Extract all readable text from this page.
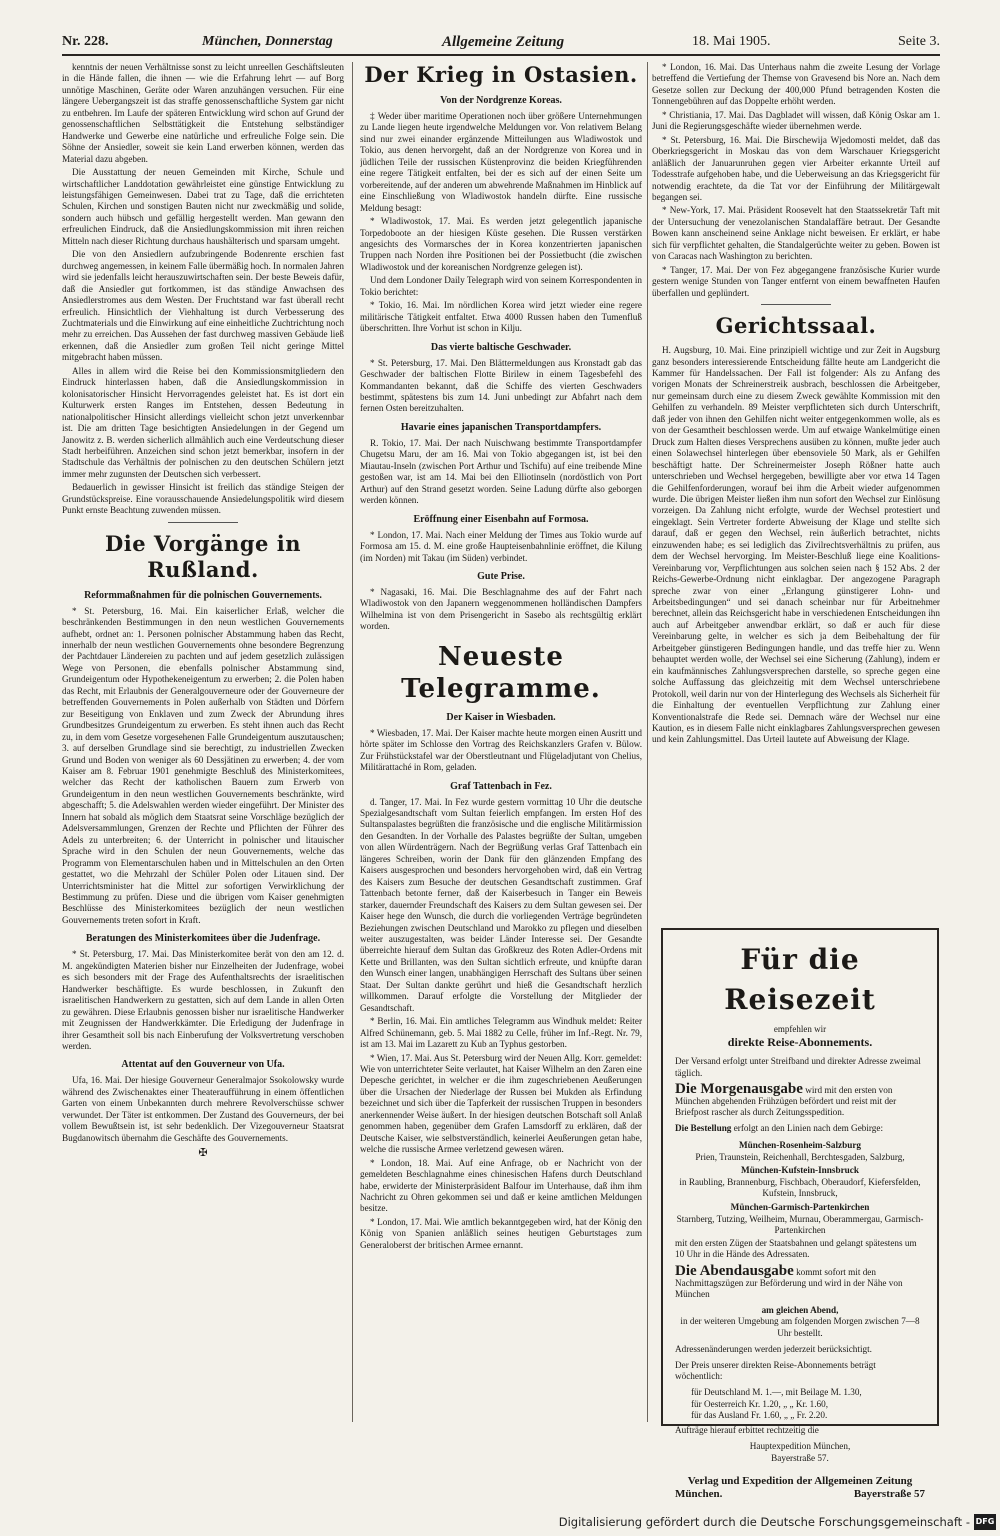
Nr. 228.	München, Donnerstag	Allgemeine Zeitung	18. Mai 1905.	Seite 3.

kenntnis der neuen Verhältnisse sonst zu leicht unreellen Geschäftsleuten in die Hände fallen, die ihnen — wie die Erfahrung lehrt — auf Borg unnötige Maschinen, Geräte oder Waren anzuhängen versuchen. Für eine längere Uebergangszeit ist das straffe genossenschaftliche System gar nicht zu entbehren. Im Laufe der späteren Entwicklung wird schon auf Grund der genossenschaftlichen Selbsttätigkeit die Entstehung selbständiger Handwerke und Gewerbe eine natürliche und erfreuliche Folge sein. Die Söhne der Ansiedler, soweit sie kein Land erwerben können, werden das Material dazu abgeben.

Die Ausstattung der neuen Gemeinden mit Kirche, Schule und wirtschaftlicher Landdotation gewährleistet eine günstige Entwicklung zu leistungsfähigen Gemeinwesen. Dabei trat zu Tage, daß die errichteten Schulen, Kirchen und sonstigen Bauten nicht nur zweckmäßig und solide, sondern auch hübsch und gefällig hergestellt werden. Man gewann den erfreulichen Eindruck, daß die Ansiedlungskommission mit ihren reichen Mitteln nach dieser Richtung durchaus haushälterisch und sparsam umgeht.

Die von den Ansiedlern aufzubringende Bodenrente erschien fast durchweg angemessen, in keinem Falle übermäßig hoch. In normalen Jahren wird sie jedenfalls leicht herauszuwirtschaften sein. Der beste Beweis dafür, daß die Ansiedler gut fortkommen, ist das ständige Anwachsen des Ansiedlerstromes aus dem Westen. Der Fruchtstand war fast überall recht erfreulich. Hinsichtlich der Viehhaltung ist durch Verbesserung des Zuchtmaterials und die Einwirkung auf eine einheitliche Zuchtrichtung noch mehr zu erreichen. Das Aussehen der fast durchweg massiven Gebäude ließ erkennen, daß die Ansiedler zum großen Teil nicht geringe Mittel mitgebracht haben müssen.

Alles in allem wird die Reise bei den Kommissionsmitgliedern den Eindruck hinterlassen haben, daß die Ansiedlungskommission in kolonisatorischer Hinsicht Hervorragendes geleistet hat. Es ist dort ein Kulturwerk ersten Ranges im Entstehen, dessen Bedeutung in nationalpolitischer Hinsicht allerdings vielleicht schon jetzt unverkennbar ist. Die am dritten Tage besichtigten Ansiedelungen in der Gegend um Janowitz z. B. werden sicherlich allmählich auch eine Verdeutschung dieser Stadt herbeiführen. Anzeichen sind schon jetzt bemerkbar, insofern in der Stadtschule das Verhältnis der polnischen zu den deutschen Schülern jetzt immer mehr zugunsten der Deutschen sich verbessert.

Bedauerlich in gewisser Hinsicht ist freilich das ständige Steigen der Grundstückspreise. Eine vorausschauende Ansiedelungspolitik wird diesem Punkt ernste Beachtung zuwenden müssen.

Die Vorgänge in Rußland.
Reformmaßnahmen für die polnischen Gouvernements.

* St. Petersburg, 16. Mai. Ein kaiserlicher Erlaß, welcher die beschränkenden Bestimmungen in den neun westlichen Gouvernements aufhebt, ordnet an: 1. Personen polnischer Abstammung haben das Recht, innerhalb der neun westlichen Gouvernements ohne besondere Begrenzung der Pachtdauer Ländereien zu pachten und auf jedem gesetzlich zulässigen Wege von Personen, die ebenfalls polnischer Abstammung sind, Grundeigentum oder Hypothekeneigentum zu erwerben; 2. die Polen haben das Recht, mit Erlaubnis der Generalgouverneure oder der Gouverneure der betreffenden Gouvernements in Polen außerhalb von Städten und Dörfern zur Beseitigung von Enklaven und zum Zweck der Abrundung ihres Grundbesitzes Grundeigentum zu erwerben. Es steht ihnen auch das Recht zu, in dem vom Gesetze vorgesehenen Falle Grundeigentum auszutauschen; 3. auf derselben Grundlage sind sie berechtigt, zu industriellen Zwecken Grund und Boden von weniger als 60 Dessjätinen zu erwerben; 4. der vom Kaiser am 8. Februar 1901 genehmigte Beschluß des Ministerkomitees, welcher das Recht der katholischen Bauern zum Erwerb von Grundeigentum in den neun westlichen Gouvernements beschränkte, wird abgeschafft; 5. die Adelswahlen werden wieder eingeführt. Der Minister des Innern hat sobald als möglich dem Staatsrat seine Vorschläge bezüglich der Adelsversammlungen, Grenzen der Rechte und Pflichten der Führer des Adels zu unterbreiten; 6. der Unterricht in polnischer und litauischer Sprache wird in den Schulen der neun Gouvernements, welche das Programm von Elementarschulen haben und in Mittelschulen an den Orten gestattet, wo die Mehrzahl der Schüler Polen oder Litauen sind. Der Unterrichtsminister hat die Mittel zur sofortigen Verwirklichung der Bestimmung zu prüfen. Diese und die übrigen vom Kaiser genehmigten Beschlüsse des Ministerkomitees bezüglich der neun westlichen Gouvernements treten sofort in Kraft.

Beratungen des Ministerkomitees über die Judenfrage.

* St. Petersburg, 17. Mai. Das Ministerkomitee berät von den am 12. d. M. angekündigten Materien bisher nur Einzelheiten der Judenfrage, wobei es sich besonders mit der Frage des Aufenthaltsrechts der israelitischen Handwerker beschäftigte. Es wurde beschlossen, in Zukunft den israelitischen Handwerkern zu gestatten, sich auf dem Lande in allen Orten zu gewähren. Diese Erlaubnis genossen bisher nur israelitische Handwerker mit Zeugnissen der Handwerkkämter. Die Erledigung der Judenfrage in ihrer Gesamtheit soll bis nach Einberufung der Volksvertretung verschoben werden.

Attentat auf den Gouverneur von Ufa.

Ufa, 16. Mai. Der hiesige Gouverneur Generalmajor Ssokolowsky wurde während des Zwischenaktes einer Theateraufführung in einem öffentlichen Garten von einem Unbekannten durch mehrere Revolverschüsse schwer verwundet. Der Täter ist entkommen. Der Zustand des Gouverneurs, der bei vollem Bewußtsein ist, ist sehr bedenklich. Der Vizegouverneur Staatsrat Bugdanowitsch übernahm die Geschäfte des Gouvernements.

✠
Der Krieg in Ostasien.
Von der Nordgrenze Koreas.

‡ Weder über maritime Operationen noch über größere Unternehmungen zu Lande liegen heute irgendwelche Meldungen vor. Von relativem Belang sind nur zwei einander ergänzende Mitteilungen aus Wladiwostok und Tokio, aus denen hervorgeht, daß an der Nordgrenze von Korea und in jüdlichen Teile der russischen Küstenprovinz die beiden Kriegführenden eine regere Tätigkeit entfalten, bei der es sich auf der einen Seite um vorbereitende, auf der anderen um abwehrende Maßnahmen im Hinblick auf eine Einschließung von Wladiwostok handeln dürfte. Eine russische Meldung besagt:

* Wladiwostok, 17. Mai. Es werden jetzt gelegentlich japanische Torpedoboote an der hiesigen Küste gesehen. Die Russen verstärken angesichts des Vormarsches der in Korea konzentrierten japanischen Truppen nach Norden ihre Positionen bei der Possietbucht (die zwischen Wladiwostok und der koreanischen Nordgrenze gelegen ist).

Und dem Londoner Daily Telegraph wird von seinem Korrespondenten in Tokio berichtet:

* Tokio, 16. Mai. Im nördlichen Korea wird jetzt wieder eine regere militärische Tätigkeit entfaltet. Etwa 4000 Russen haben den Tumenfluß überschritten. Ihre Vorhut ist schon in Kilju.

Das vierte baltische Geschwader.

* St. Petersburg, 17. Mai. Den Blättermeldungen aus Kronstadt gab das Geschwader der baltischen Flotte Birilew in einem Tagesbefehl des Kommandanten bekannt, daß die Schiffe des vierten Geschwaders bestimmt, spätestens bis zum 14. Juni unbedingt zur Abfahrt nach dem fernen Osten bereitzuhalten.

Havarie eines japanischen Transportdampfers.

R. Tokio, 17. Mai. Der nach Nuischwang bestimmte Transportdampfer Chugetsu Maru, der am 16. Mai von Tokio abgegangen ist, ist bei den Miautau-Inseln (zwischen Port Arthur und Tschifu) auf eine treibende Mine gestoßen war, ist am 14. Mai bei den Elliotinseln (nordöstlich von Port Arthur) auf den Strand gesetzt worden. Seine Ladung dürfte also geborgen werden können.

Eröffnung einer Eisenbahn auf Formosa.

* London, 17. Mai. Nach einer Meldung der Times aus Tokio wurde auf Formosa am 15. d. M. eine große Haupteisenbahnlinie eröffnet, die Kilung (im Norden) mit Takau (im Süden) verbindet.

Gute Prise.

* Nagasaki, 16. Mai. Die Beschlagnahme des auf der Fahrt nach Wladiwostok von den Japanern weggenommenen holländischen Dampfers Wilhelmina ist von dem Prisengericht in Sasebo als rechtsgültig erklärt worden.

Neueste Telegramme.
Der Kaiser in Wiesbaden.

* Wiesbaden, 17. Mai. Der Kaiser machte heute morgen einen Ausritt und hörte später im Schlosse den Vortrag des Reichskanzlers Grafen v. Bülow. Zur Frühstückstafel war der Oberstleutnant und Flügeladjutant von Chelius, Militärattaché in Rom, geladen.

Graf Tattenbach in Fez.

d. Tanger, 17. Mai. In Fez wurde gestern vormittag 10 Uhr die deutsche Spezialgesandtschaft vom Sultan feierlich empfangen. Im ersten Hof des Sultanspalastes begrüßten die französische und die englische Militärmission den Gesandten. In der Vorhalle des Palastes begrüßte der Sultan, umgeben von allen Würdenträgern. Nach der Begrüßung verlas Graf Tattenbach ein längeres Schreiben, worin der Dank für den glänzenden Empfang des Kaisers ausgesprochen und besonders hervorgehoben wird, daß ein Vertrag des Kaisers zum Besuche der deutschen Gesandtschaft zustimmen. Graf Tattenbach betonte ferner, daß der Kaiserbesuch in Tanger ein Beweis starker, dauernder Freundschaft des Kaisers zu dem Sultan gewesen sei. Der Kaiser hege den Wunsch, die durch die vorliegenden Verträge begründeten Beziehungen zwischen Deutschland und Marokko zu pflegen und dieselben weiter auszugestalten, was beider Länder Interesse sei. Der Gesandte überreichte hierauf dem Sultan das Großkreuz des Roten Adler-Ordens mit Kette und Brillanten, was den Sultan sichtlich erfreute, und knüpfte daran den Wunsch einer langen, unabhängigen Herrschaft des Sultans über seinen Staat. Der Sultan dankte gerührt und hieß die Gesandtschaft herzlich willkommen. Darauf erfolgte die Vorstellung der Mitglieder der Gesandtschaft.

* Berlin, 16. Mai. Ein amtliches Telegramm aus Windhuk meldet: Reiter Alfred Schünemann, geb. 5. Mai 1882 zu Celle, früher im Inf.-Regt. Nr. 79, ist am 13. Mai im Lazarett zu Kub an Typhus gestorben.

* Wien, 17. Mai. Aus St. Petersburg wird der Neuen Allg. Korr. gemeldet: Wie von unterrichteter Seite verlautet, hat Kaiser Wilhelm an den Zaren eine Depesche gerichtet, in welcher er die ihm zugeschriebenen Aeußerungen über die Ursachen der Niederlage der Russen bei Mukden als Erfindung bezeichnet und sich über die Tapferkeit der russischen Truppen in besonders anerkennender Weise äußert. In der hiesigen deutschen Botschaft soll Anlaß genommen haben, gegenüber dem Grafen Lamsdorff zu erklären, daß der Deutsche Kaiser, wie selbstverständlich, keinerlei Aeußerungen getan habe, welche die russische Armee verletzend gewesen wären.

* London, 18. Mai. Auf eine Anfrage, ob er Nachricht von der gemeldeten Beschlagnahme eines chinesischen Hafens durch Deutschland habe, erwiderte der Ministerpräsident Balfour im Unterhause, daß ihm ihm Nachricht zu Ohren gekommen sei und daß er keine amtlichen Meldungen besitze.

* London, 17. Mai. Wie amtlich bekanntgegeben wird, hat der König den König von Spanien anläßlich seines heutigen Geburtstages zum Generaloberst der britischen Armee ernannt.

* London, 16. Mai. Das Unterhaus nahm die zweite Lesung der Vorlage betreffend die Vertiefung der Themse von Gravesend bis Nore an. Nach dem Gesetze sollen zur Deckung der 400,000 Pfund betragenden Kosten die Tonnengebühren auf das Doppelte erhöht werden.

* Christiania, 17. Mai. Das Dagbladet will wissen, daß König Oskar am 1. Juni die Regierungsgeschäfte wieder übernehmen werde.

* St. Petersburg, 16. Mai. Die Birschewija Wjedomosti meldet, daß das Oberkriegsgericht in Moskau das von dem Warschauer Kriegsgericht anläßlich der Januarunruhen gegen vier Arbeiter erkannte Urteil auf Todesstrafe aufgehoben habe, und die Ueberweisung an das Kriegsgericht für notwendig erachtete, da die Tat vor der Einführung der Militärgewalt begangen sei.

* New-York, 17. Mai. Präsident Roosevelt hat den Staatssekretär Taft mit der Untersuchung der venezolanischen Standalaffäre betraut. Der Gesandte Bowen kann anscheinend seine Anklage nicht beweisen. Er erklärt, er habe sich für verpflichtet gehalten, die Standalgerüchte weiter zu geben. Bowen ist von Caracas nach Washington zu berichten.

* Tanger, 17. Mai. Der von Fez abgegangene französische Kurier wurde gestern wenige Stunden von Tanger entfernt von einem bewaffneten Haufen überfallen und geplündert.

Gerichtssaal.

H. Augsburg, 10. Mai. Eine prinzipiell wichtige und zur Zeit in Augsburg ganz besonders interessierende Entscheidung fällte heute am Landgericht die Kammer für Handelssachen. Der Fall ist folgender: Als zu Anfang des vorigen Monats der Schreinerstreik ausbrach, beschlossen die Arbeitgeber, nur gemeinsam durch eine zu diesem Zweck gewählte Kommission mit den Gehilfen zu verhandeln. 89 Meister verpflichteten sich durch Unterschrift, daß jeder von ihnen den Gehilfen nicht weiter entgegenkommen wolle, als es von der Gesamtheit beschlossen werde. Um auf etwaige Wankelmütige einen Druck zum Halten dieses Versprechens ausüben zu können, mußte jeder auch einen Solawechsel hinterlegen über ebensoviele 50 Mark, als er Gehilfen beschäftigt hatte. Der Schreinermeister Joseph Rößner hatte auch unterschrieben und Wechsel hergegeben, bewilligte aber vor etwa 14 Tagen die Gehilfenforderungen, worauf bei ihm die Arbeit wieder aufgenommen wurde. Die übrigen Meister ließen ihm nun sofort den Wechsel zur Einlösung vorzeigen. Da Zahlung nicht erfolgte, wurde der Wechsel protestiert und eingeklagt. Sein Vertreter forderte Abweisung der Klage und stellte sich darauf, daß er gegen den Wechsel, rein äußerlich betrachtet, nichts einzuwenden habe; es sei lediglich das Zivilrechtsverhältnis zu prüfen, aus dem der Wechsel hervorging. Im Meister-Beschluß liege eine Koalitions-Vereinbarung vor, Verpflichtungen aus solchen seien nach § 152 Abs. 2 der Reichs-Gewerbe-Ordnung nicht einklagbar. Der angezogene Paragraph spreche zwar von einer „Erlangung günstigerer Lohn- und Arbeitsbedingungen“ und sei danach scheinbar nur für Arbeitnehmer berechnet, allein das Reichsgericht habe in verschiedenen Entscheidungen ihn auch auf Arbeitgeber anwendbar erklärt, so daß er auch für diese Vereinbarung gelte, in welcher es sich ja dem Beibehaltung der für Arbeitgeber günstigeren Bedingungen handle, und das treffe hier zu. Wenn behauptet werden wolle, der Wechsel sei eine Sicherung (Zahlung), indem er ein kaufmännisches Zahlungsversprechen darstelle, so spreche gegen eine solche Auffassung das gleichzeitig mit dem Wechsel unterschriebene Protokoll, weil darin nur von der Hinterlegung des Wechsels als Sicherheit für die Einhaltung der eventuellen Verpflichtung zur Zahlung einer Konventionalstrafe die Rede sei. Demnach wäre der Wechsel nur eine Kaution, es in diesem Falle nicht einklagbares Zahlungsversprechen gewesen und kein Zahlungsmittel. Das Urteil lautete auf Abweisung der Klage.

Für die Reisezeit
empfehlen wir
direkte Reise-Abonnements.

Der Versand erfolgt unter Streifband und direkter Adresse zweimal täglich.

Die Morgenausgabe wird mit den ersten von München abgehenden Frühzügen befördert und reist mit der Briefpost rascher als durch Zeitungsspedition.

Die Bestellung erfolgt an den Linien nach dem Gebirge:

München-Rosenheim-Salzburg
Prien, Traunstein, Reichenhall, Berchtesgaden, Salzburg,
München-Kufstein-Innsbruck
in Raubling, Brannenburg, Fischbach, Oberaudorf, Kiefersfelden, Kufstein, Innsbruck,
München-Garmisch-Partenkirchen
Starnberg, Tutzing, Weilheim, Murnau, Oberammergau, Garmisch-Partenkirchen

mit den ersten Zügen der Staatsbahnen und gelangt spätestens um 10 Uhr in die Hände des Adressaten.

Die Abendausgabe kommt sofort mit den Nachmittagszügen zur Beförderung und wird in der Nähe von München

am gleichen Abend,

in der weiteren Umgebung am folgenden Morgen zwischen 7—8 Uhr bestellt.

Adressenänderungen werden jederzeit berücksichtigt.

Der Preis unserer direkten Reise-Abonnements beträgt wöchentlich:

für Deutschland M. 1.—, mit Beilage M. 1.30,
für Oesterreich Kr. 1.20, „ „ Kr. 1.60,
für das Ausland Fr. 1.60, „ „ Fr. 2.20.

Aufträge hierauf erbittet rechtzeitig die

Hauptexpedition München,
Bayerstraße 57.
Verlag und Expedition der Allgemeinen Zeitung
München.	Bayerstraße 57
Digitalisierung gefördert durch die Deutsche Forschungsgemeinschaft - DFG
